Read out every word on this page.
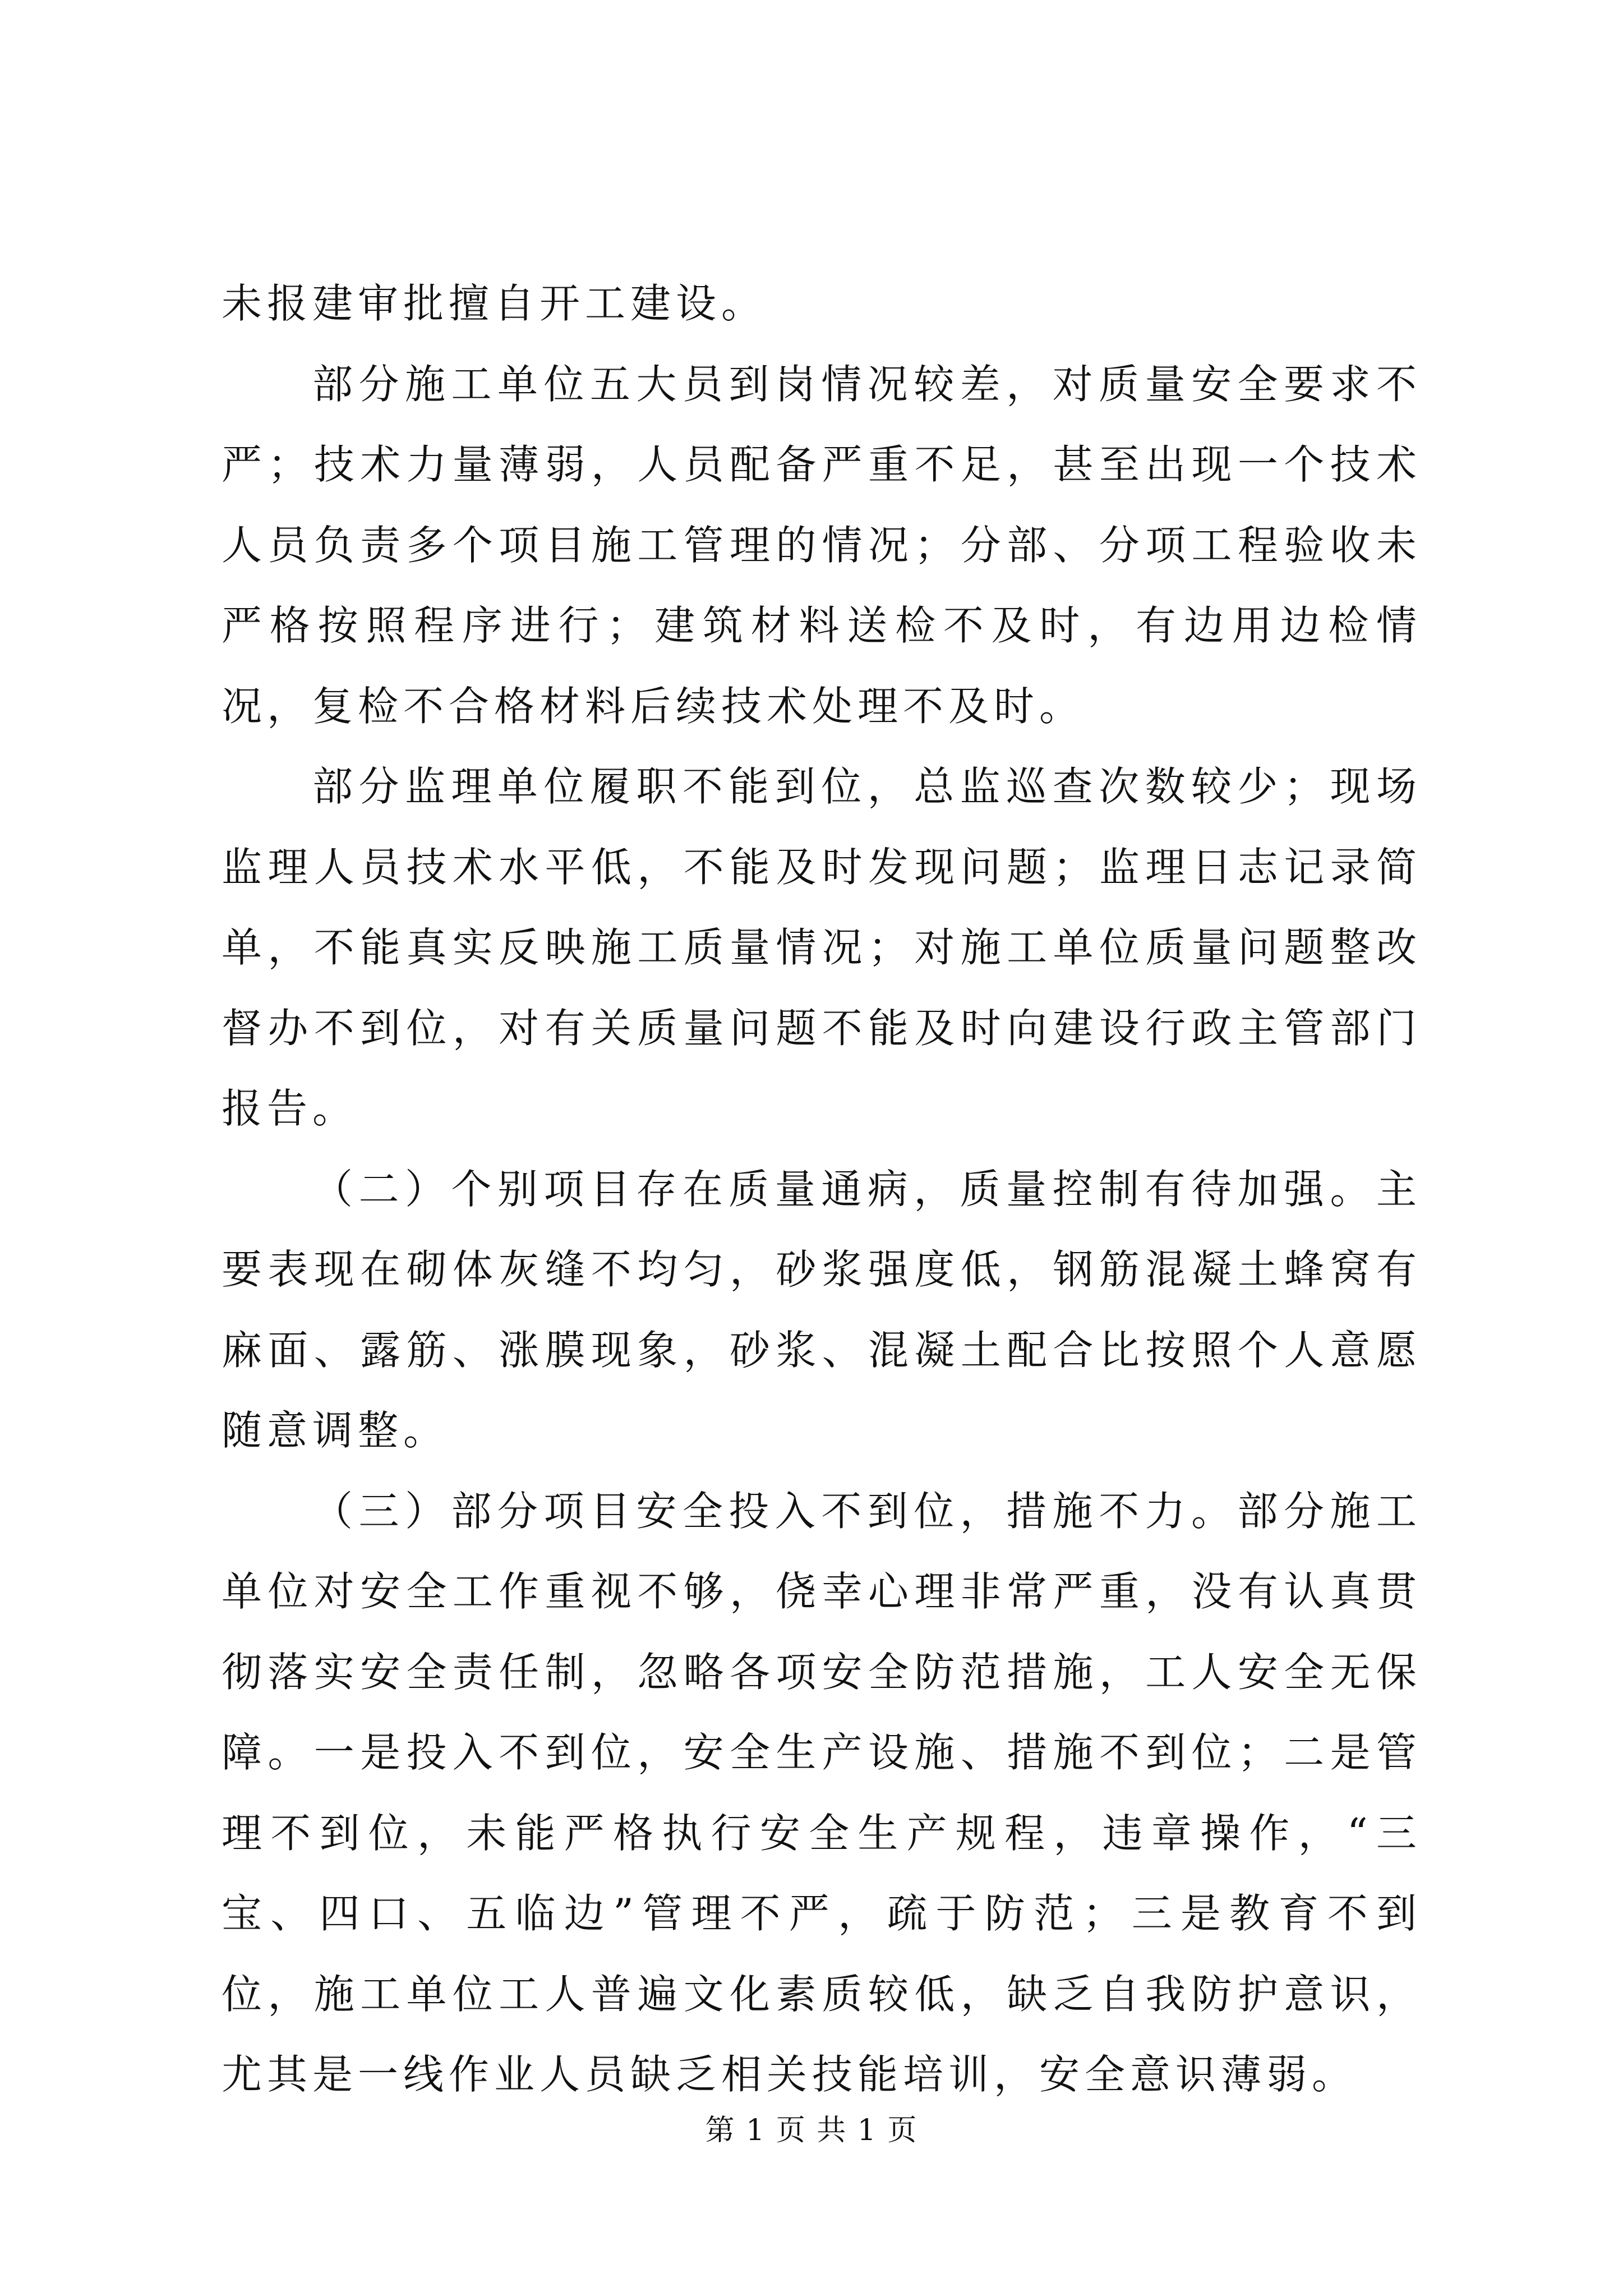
未报建审批擅自开工建设。

部分施工单位五大员到岗情况较差，对质量安全要求不严；技术力量薄弱，人员配备严重不足，甚至出现一个技术人员负责多个项目施工管理的情况；分部、分项工程验收未严格按照程序进行；建筑材料送检不及时，有边用边检情况，复检不合格材料后续技术处理不及时。

部分监理单位履职不能到位，总监巡查次数较少；现场监理人员技术水平低，不能及时发现问题；监理日志记录简单，不能真实反映施工质量情况；对施工单位质量问题整改督办不到位，对有关质量问题不能及时向建设行政主管部门报告。

（二）个别项目存在质量通病，质量控制有待加强。主要表现在砌体灰缝不均匀，砂浆强度低，钢筋混凝土蜂窝有麻面、露筋、涨膜现象，砂浆、混凝土配合比按照个人意愿随意调整。

（三）部分项目安全投入不到位，措施不力。部分施工单位对安全工作重视不够，侥幸心理非常严重，没有认真贯彻落实安全责任制，忽略各项安全防范措施，工人安全无保障。一是投入不到位，安全生产设施、措施不到位；二是管理不到位，未能严格执行安全生产规程，违章操作，“三宝、四口、五临边”管理不严，疏于防范；三是教育不到位，施工单位工人普遍文化素质较低，缺乏自我防护意识，尤其是一线作业人员缺乏相关技能培训，安全意识薄弱。

第 1 页 共 1 页
